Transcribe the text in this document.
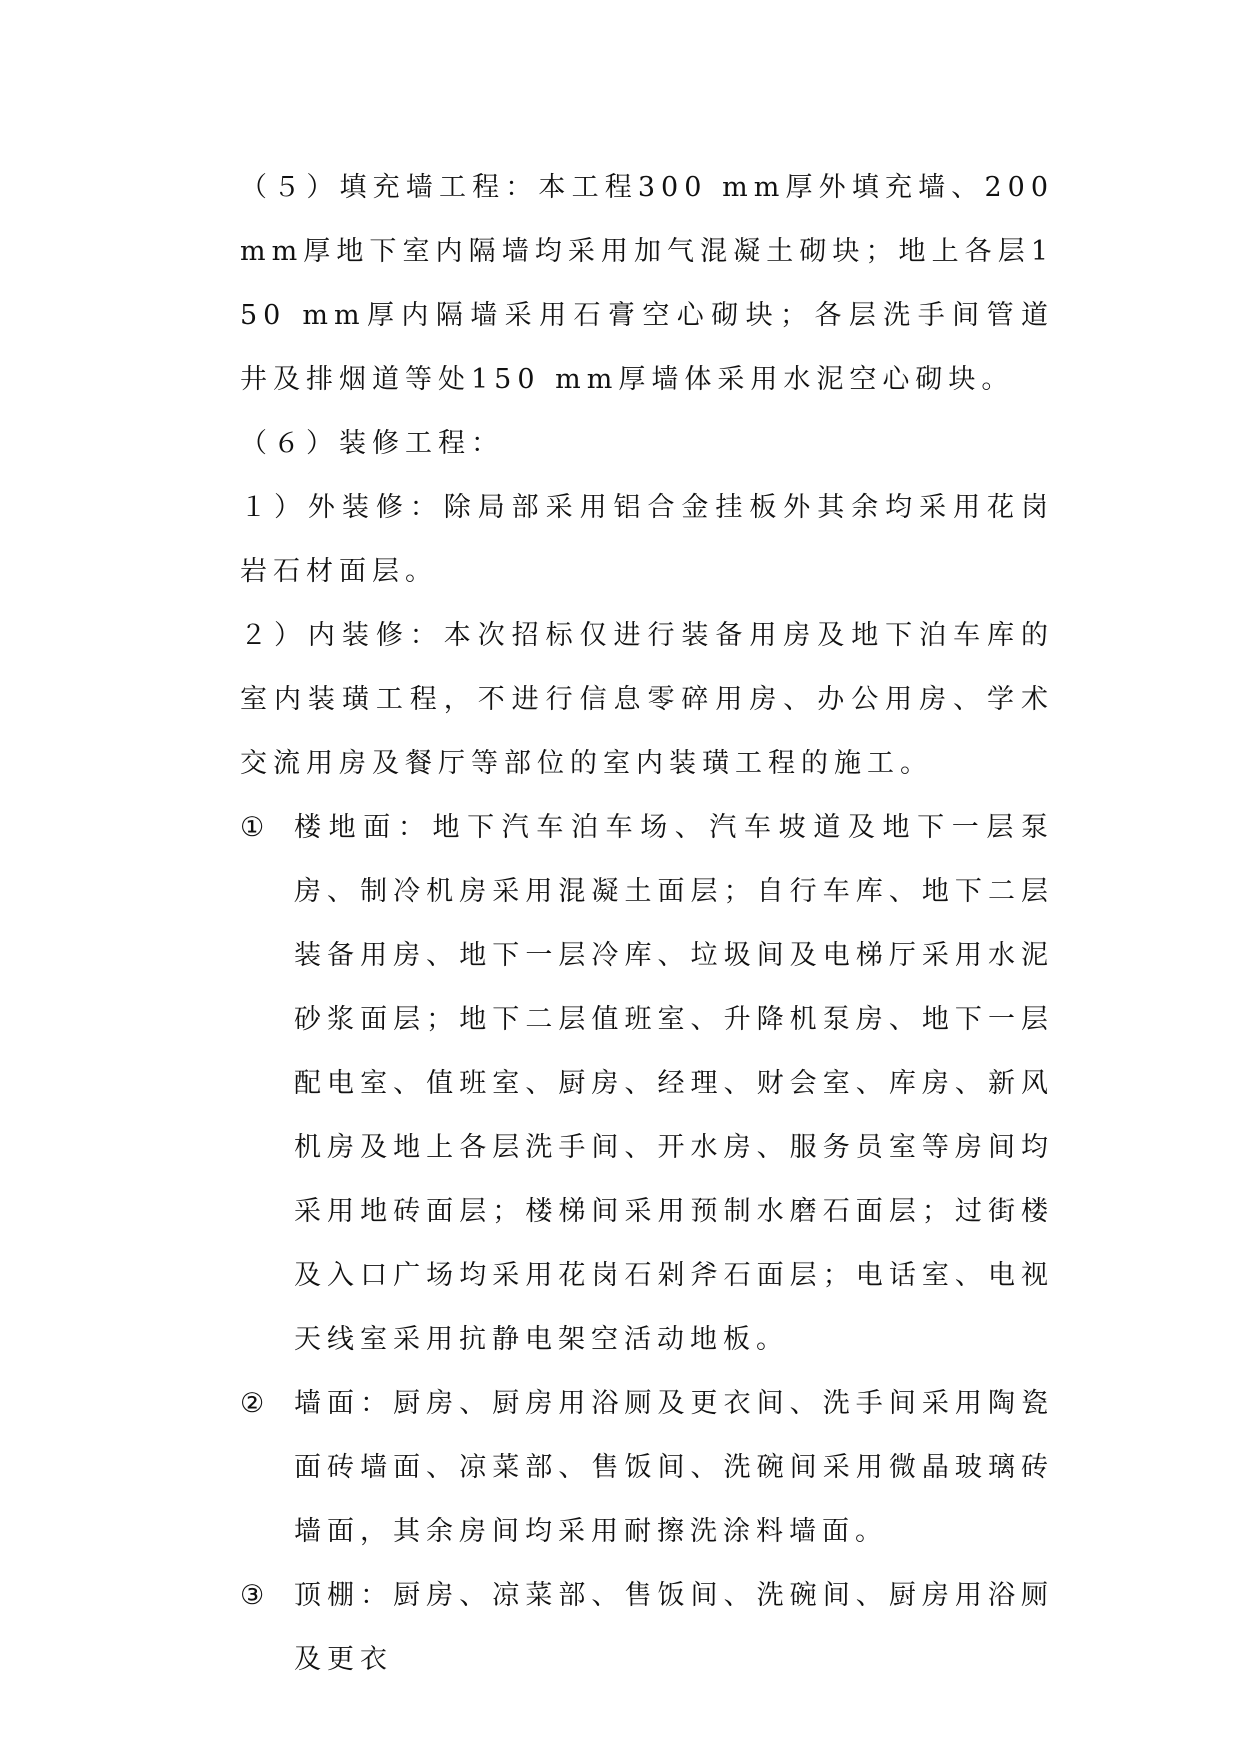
（５）填充墙工程：本工程300 mm厚外填充墙、200 mm厚地下室内隔墙均采用加气混凝土砌块；地上各层150 mm厚内隔墙采用石膏空心砌块；各层洗手间管道井及排烟道等处150 mm厚墙体采用水泥空心砌块。

（６）装修工程：

１）外装修：除局部采用铝合金挂板外其余均采用花岗岩石材面层。

２）内装修：本次招标仅进行装备用房及地下泊车库的室内装璜工程，不进行信息零碎用房、办公用房、学术交流用房及餐厅等部位的室内装璜工程的施工。

① 楼地面：地下汽车泊车场、汽车坡道及地下一层泵房、制冷机房采用混凝土面层；自行车库、地下二层装备用房、地下一层冷库、垃圾间及电梯厅采用水泥砂浆面层；地下二层值班室、升降机泵房、地下一层配电室、值班室、厨房、经理、财会室、库房、新风机房及地上各层洗手间、开水房、服务员室等房间均采用地砖面层；楼梯间采用预制水磨石面层；过街楼及入口广场均采用花岗石剁斧石面层；电话室、电视天线室采用抗静电架空活动地板。
② 墙面：厨房、厨房用浴厕及更衣间、洗手间采用陶瓷面砖墙面、凉菜部、售饭间、洗碗间采用微晶玻璃砖墙面，其余房间均采用耐擦洗涂料墙面。
③ 顶棚：厨房、凉菜部、售饭间、洗碗间、厨房用浴厕及更衣
